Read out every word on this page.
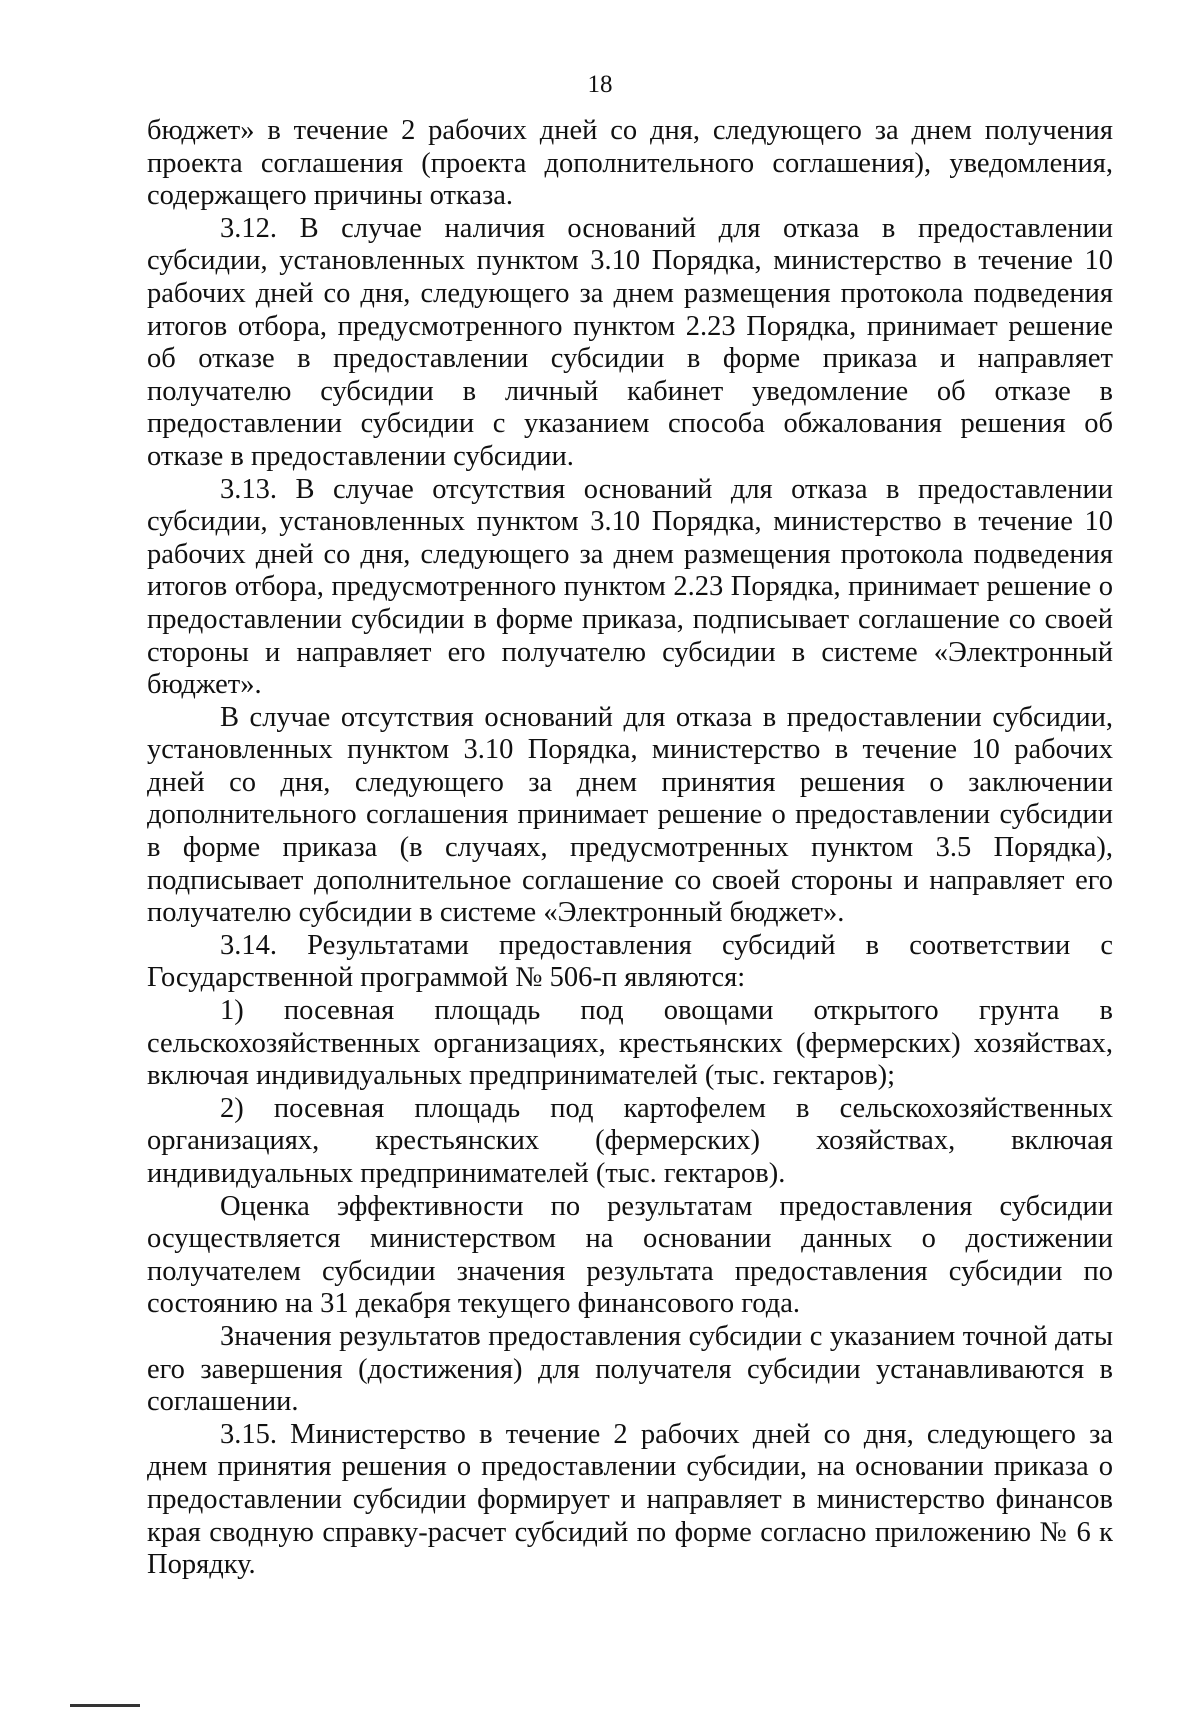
18

бюджет» в течение 2 рабочих дней со дня, следующего за днем получения проекта соглашения (проекта дополнительного соглашения), уведомления, содержащего причины отказа.

3.12. В случае наличия оснований для отказа в предоставлении субсидии, установленных пунктом 3.10 Порядка, министерство в течение 10 рабочих дней со дня, следующего за днем размещения протокола подведения итогов отбора, предусмотренного пунктом 2.23 Порядка, принимает решение об отказе в предоставлении субсидии в форме приказа и направляет получателю субсидии в личный кабинет уведомление об отказе в предоставлении субсидии с указанием способа обжалования решения об отказе в предоставлении субсидии.

3.13. В случае отсутствия оснований для отказа в предоставлении субсидии, установленных пунктом 3.10 Порядка, министерство в течение 10 рабочих дней со дня, следующего за днем размещения протокола подведения итогов отбора, предусмотренного пунктом 2.23 Порядка, принимает решение о предоставлении субсидии в форме приказа, подписывает соглашение со своей стороны и направляет его получателю субсидии в системе «Электронный бюджет».

В случае отсутствия оснований для отказа в предоставлении субсидии, установленных пунктом 3.10 Порядка, министерство в течение 10 рабочих дней со дня, следующего за днем принятия решения о заключении дополнительного соглашения принимает решение о предоставлении субсидии в форме приказа (в случаях, предусмотренных пунктом 3.5 Порядка), подписывает дополнительное соглашение со своей стороны и направляет его получателю субсидии в системе «Электронный бюджет».

3.14. Результатами предоставления субсидий в соответствии с Государственной программой № 506-п являются:

1) посевная площадь под овощами открытого грунта в сельскохозяйственных организациях, крестьянских (фермерских) хозяйствах, включая индивидуальных предпринимателей (тыс. гектаров);

2) посевная площадь под картофелем в сельскохозяйственных организациях, крестьянских (фермерских) хозяйствах, включая индивидуальных предпринимателей (тыс. гектаров).

Оценка эффективности по результатам предоставления субсидии осуществляется министерством на основании данных о достижении получателем субсидии значения результата предоставления субсидии по состоянию на 31 декабря текущего финансового года.

Значения результатов предоставления субсидии с указанием точной даты его завершения (достижения) для получателя субсидии устанавливаются в соглашении.

3.15. Министерство в течение 2 рабочих дней со дня, следующего за днем принятия решения о предоставлении субсидии, на основании приказа о предоставлении субсидии формирует и направляет в министерство финансов края сводную справку-расчет субсидий по форме согласно приложению № 6 к Порядку.
